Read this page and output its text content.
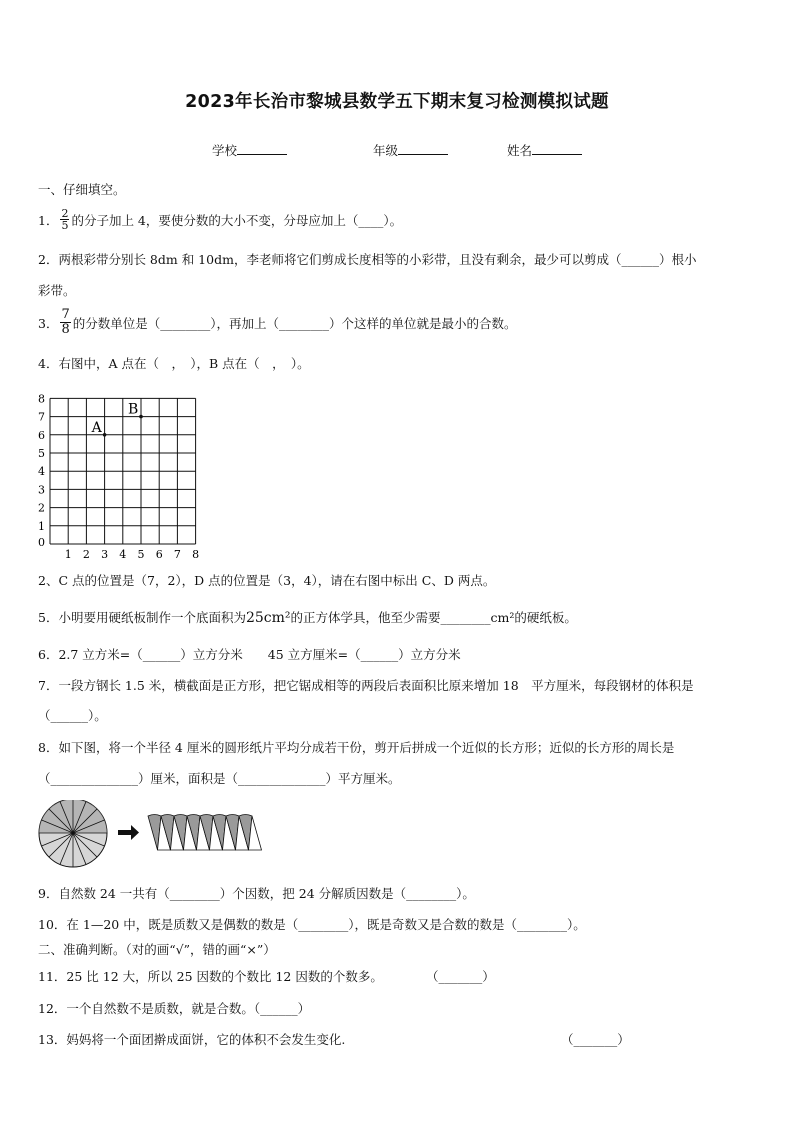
2023年长治市黎城县数学五下期末复习检测模拟试题
学校	年级	姓名
一、仔细填空。
1． $\frac{2}{5}$ 的分子加上 4，要使分数的大小不变，分母应加上（____）。
2．两根彩带分别长 8dm 和 10dm，李老师将它们剪成长度相等的小彩带，且没有剩余，最少可以剪成（______）根小
彩带。
3． $\frac{7}{8}$ 的分数单位是（________），再加上（________）个这样的单位就是最小的合数。
4．右图中，A 点在（　，　），B 点在（　，　）。
1 2 3 4 5 6 7 8
0
1
2
3
4
5
6
7
8
A
B
2、C 点的位置是（7，2），D 点的位置是（3，4），请在右图中标出 C、D 两点。
5．小明要用硬纸板制作一个底面积为25cm²的正方体学具，他至少需要________cm²的硬纸板。
6．2.7 立方米=（______）立方分米　　45 立方厘米=（______）立方分米
7．一段方钢长 1.5 米，横截面是正方形，把它锯成相等的两段后表面积比原来增加 18　平方厘米，每段钢材的体积是
（______）。
8．如下图，将一个半径 4 厘米的圆形纸片平均分成若干份，剪开后拼成一个近似的长方形；近似的长方形的周长是
（______________）厘米，面积是（______________）平方厘米。
9．自然数 24 一共有（________）个因数，把 24 分解质因数是（________）。
10．在 1—20 中，既是质数又是偶数的数是（________），既是奇数又是合数的数是（________）。
二、准确判断。（对的画“√”，错的画“×”）
11．25 比 12 大，所以 25 因数的个数比 12 因数的个数多。	（_______）
12．一个自然数不是质数，就是合数。（______）
13．妈妈将一个面团擀成面饼，它的体积不会发生变化.	（_______）
